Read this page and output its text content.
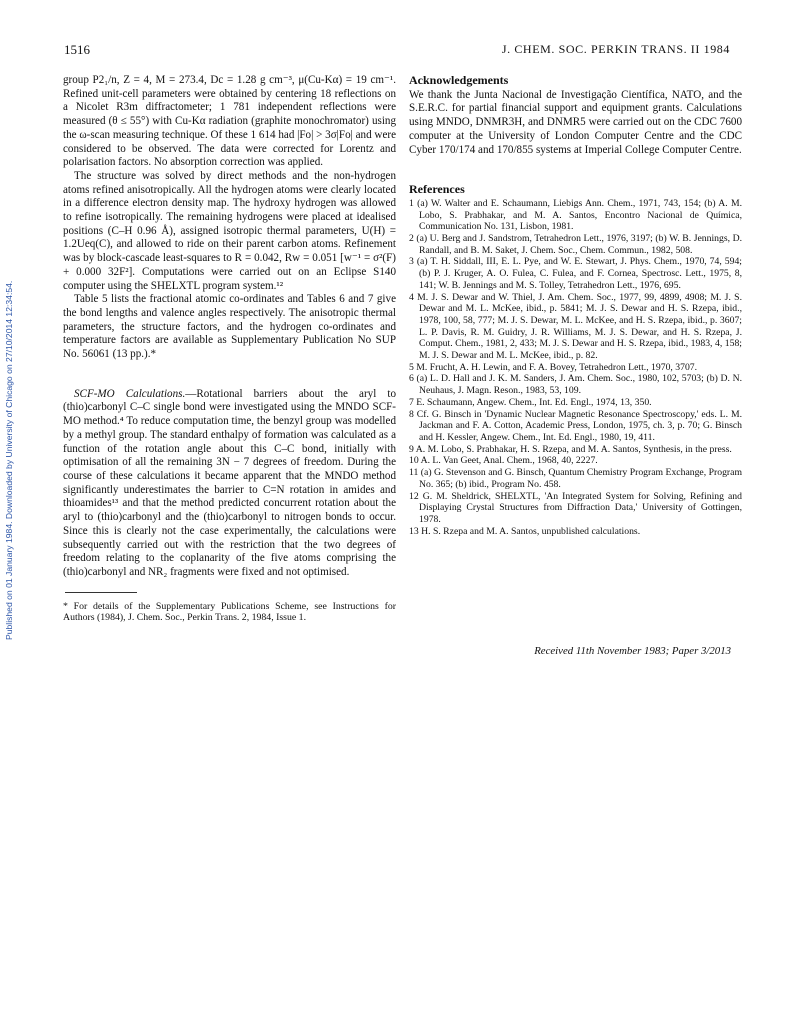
Published on 01 January 1984. Downloaded by University of Chicago on 27/10/2014 12:34:54.
1516	J. CHEM. SOC. PERKIN TRANS. II 1984

group P2₁/n, Z = 4, M = 273.4, Dc = 1.28 g cm⁻³, μ(Cu-Kα) = 19 cm⁻¹. Refined unit-cell parameters were obtained by centering 18 reflections on a Nicolet R3m diffractometer; 1 781 independent reflections were measured (θ ≤ 55°) with Cu-Kα radiation (graphite monochromator) using the ω-scan measuring technique. Of these 1 614 had |Fo| > 3σ|Fo| and were considered to be observed. The data were corrected for Lorentz and polarisation factors. No absorption correction was applied.

The structure was solved by direct methods and the non-hydrogen atoms refined anisotropically. All the hydrogen atoms were clearly located in a difference electron density map. The hydroxy hydrogen was allowed to refine isotropically. The remaining hydrogens were placed at idealised positions (C–H 0.96 Å), assigned isotropic thermal parameters, U(H) = 1.2Ueq(C), and allowed to ride on their parent carbon atoms. Refinement was by block-cascade least-squares to R = 0.042, Rw = 0.051 [w⁻¹ = σ²(F) + 0.000 32F²]. Computations were carried out on an Eclipse S140 computer using the SHELXTL program system.¹²

Table 5 lists the fractional atomic co-ordinates and Tables 6 and 7 give the bond lengths and valence angles respectively. The anisotropic thermal parameters, the structure factors, and the hydrogen co-ordinates and temperature factors are available as Supplementary Publication No SUP No. 56061 (13 pp.).*

SCF-MO Calculations.—Rotational barriers about the aryl to (thio)carbonyl C–C single bond were investigated using the MNDO SCF-MO method.⁴ To reduce computation time, the benzyl group was modelled by a methyl group. The standard enthalpy of formation was calculated as a function of the rotation angle about this C–C bond, initially with optimisation of all the remaining 3N − 7 degrees of freedom. During the course of these calculations it became apparent that the MNDO method significantly underestimates the barrier to C=N rotation in amides and thioamides¹³ and that the method predicted concurrent rotation about the aryl to (thio)carbonyl and the (thio)carbonyl to nitrogen bonds to occur. Since this is clearly not the case experimentally, the calculations were subsequently carried out with the restriction that the two degrees of freedom relating to the coplanarity of the five atoms comprising the (thio)carbonyl and NR₂ fragments were fixed and not optimised.

* For details of the Supplementary Publications Scheme, see Instructions for Authors (1984), J. Chem. Soc., Perkin Trans. 2, 1984, Issue 1.

Acknowledgements

We thank the Junta Nacional de Investigação Científica, NATO, and the S.E.R.C. for partial financial support and equipment grants. Calculations using MNDO, DNMR3H, and DNMR5 were carried out on the CDC 7600 computer at the University of London Computer Centre and the CDC Cyber 170/174 and 170/855 systems at Imperial College Computer Centre.

References
1 (a) W. Walter and E. Schaumann, Liebigs Ann. Chem., 1971, 743, 154; (b) A. M. Lobo, S. Prabhakar, and M. A. Santos, Encontro Nacional de Química, Communication No. 131, Lisbon, 1981.
2 (a) U. Berg and J. Sandstrom, Tetrahedron Lett., 1976, 3197; (b) W. B. Jennings, D. Randall, and B. M. Saket, J. Chem. Soc., Chem. Commun., 1982, 508.
3 (a) T. H. Siddall, III, E. L. Pye, and W. E. Stewart, J. Phys. Chem., 1970, 74, 594; (b) P. J. Kruger, A. O. Fulea, C. Fulea, and F. Cornea, Spectrosc. Lett., 1975, 8, 141; W. B. Jennings and M. S. Tolley, Tetrahedron Lett., 1976, 695.
4 M. J. S. Dewar and W. Thiel, J. Am. Chem. Soc., 1977, 99, 4899, 4908; M. J. S. Dewar and M. L. McKee, ibid., p. 5841; M. J. S. Dewar and H. S. Rzepa, ibid., 1978, 100, 58, 777; M. J. S. Dewar, M. L. McKee, and H. S. Rzepa, ibid., p. 3607; L. P. Davis, R. M. Guidry, J. R. Williams, M. J. S. Dewar, and H. S. Rzepa, J. Comput. Chem., 1981, 2, 433; M. J. S. Dewar and H. S. Rzepa, ibid., 1983, 4, 158; M. J. S. Dewar and M. L. McKee, ibid., p. 82.
5 M. Frucht, A. H. Lewin, and F. A. Bovey, Tetrahedron Lett., 1970, 3707.
6 (a) L. D. Hall and J. K. M. Sanders, J. Am. Chem. Soc., 1980, 102, 5703; (b) D. N. Neuhaus, J. Magn. Reson., 1983, 53, 109.
7 E. Schaumann, Angew. Chem., Int. Ed. Engl., 1974, 13, 350.
8 Cf. G. Binsch in 'Dynamic Nuclear Magnetic Resonance Spectroscopy,' eds. L. M. Jackman and F. A. Cotton, Academic Press, London, 1975, ch. 3, p. 70; G. Binsch and H. Kessler, Angew. Chem., Int. Ed. Engl., 1980, 19, 411.
9 A. M. Lobo, S. Prabhakar, H. S. Rzepa, and M. A. Santos, Synthesis, in the press.
10 A. L. Van Geet, Anal. Chem., 1968, 40, 2227.
11 (a) G. Stevenson and G. Binsch, Quantum Chemistry Program Exchange, Program No. 365; (b) ibid., Program No. 458.
12 G. M. Sheldrick, SHELXTL, 'An Integrated System for Solving, Refining and Displaying Crystal Structures from Diffraction Data,' University of Gottingen, 1978.
13 H. S. Rzepa and M. A. Santos, unpublished calculations.
Received 11th November 1983; Paper 3/2013
